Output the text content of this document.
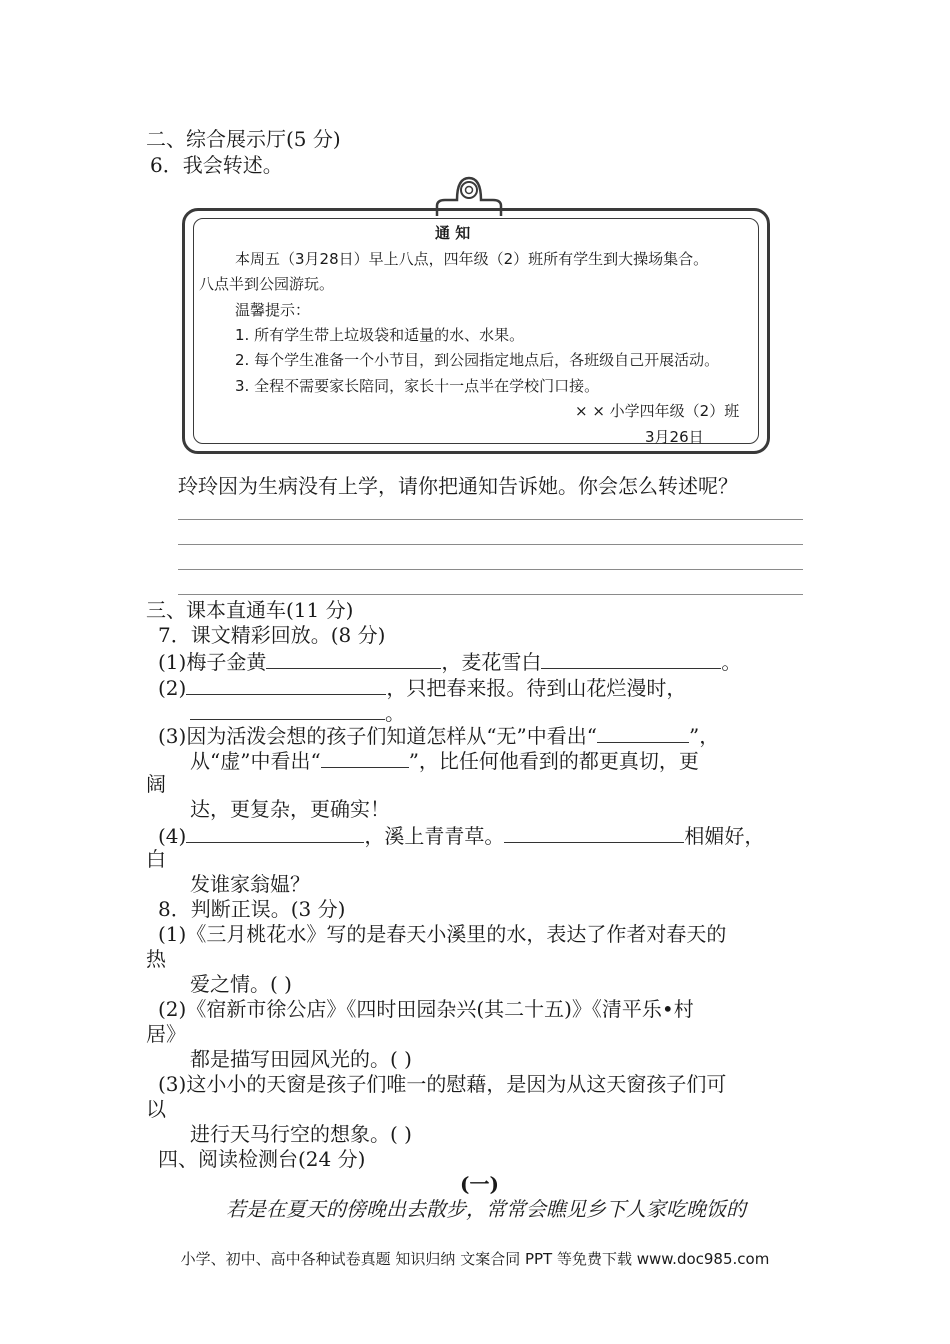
二、综合展示厅(5 分)
6．我会转述。
通 知
本周五（3月28日）早上八点，四年级（2）班所有学生到大操场集合。
八点半到公园游玩。
温馨提示：
1. 所有学生带上垃圾袋和适量的水、水果。
2. 每个学生准备一个小节目，到公园指定地点后，各班级自己开展活动。
3. 全程不需要家长陪同，家长十一点半在学校门口接。
× × 小学四年级（2）班
3月26日
玲玲因为生病没有上学，请你把通知告诉她。你会怎么转述呢？
三、课本直通车(11 分)
7．课文精彩回放。(8 分)
(1)梅子金黄	，麦花雪白	。
(2)	，只把春来报。待到山花烂漫时，
。
(3)因为活泼会想的孩子们知道怎样从“无”中看出“	”，
从“虚”中看出“	”，比任何他看到的都更真切，更
阔
达，更复杂，更确实！
(4)	，溪上青青草。	相媚好，
白
发谁家翁媪？
8．判断正误。(3 分)
(1)《三月桃花水》写的是春天小溪里的水，表达了作者对春天的
热
爱之情。( )
(2)《宿新市徐公店》《四时田园杂兴(其二十五)》《清平乐•村
居》
都是描写田园风光的。( )
(3)这小小的天窗是孩子们唯一的慰藉，是因为从这天窗孩子们可
以
进行天马行空的想象。( )
四、阅读检测台(24 分)
(一)
若是在夏天的傍晚出去散步，常常会瞧见乡下人家吃晚饭的
小学、初中、高中各种试卷真题 知识归纳 文案合同 PPT 等免费下载 www.doc985.com
